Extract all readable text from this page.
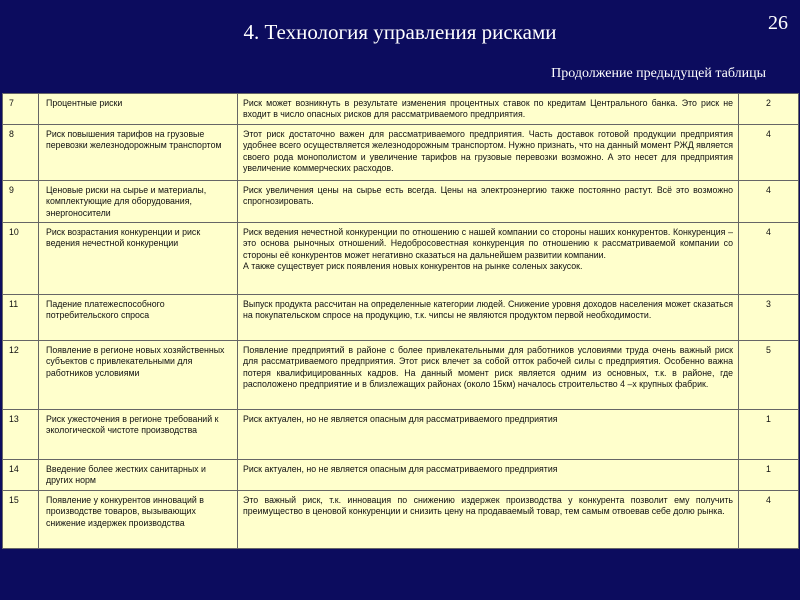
4. Технология управления рисками	26
Продолжение предыдущей таблицы
7	Процентные риски	Риск может возникнуть в результате изменения процентных ставок по кредитам Центрального банка. Это риск не входит в число опасных рисков для рассматриваемого предприятия.	2
8	Риск повышения тарифов на грузовые перевозки железнодорожным транспортом	Этот риск достаточно важен для рассматриваемого предприятия. Часть доставок готовой продукции предприятия удобнее всего осуществляется железнодорожным транспортом. Нужно признать, что на данный момент РЖД является своего рода монополистом и увеличение тарифов на грузовые перевозки возможно. А это несет для предприятия увеличение коммерческих расходов.	4
9	Ценовые риски на сырье и материалы, комплектующие для оборудования, энергоносители	Риск увеличения цены на сырье есть всегда. Цены на электроэнергию также постоянно растут. Всё это возможно спрогнозировать.	4
10	Риск возрастания конкуренции и риск ведения нечестной конкуренции	Риск ведения нечестной конкуренции по отношению с нашей компании со стороны наших конкурентов. Конкуренция – это основа рыночных отношений. Недобросовестная конкуренция по отношению к рассматриваемой компании со стороны её конкурентов может негативно сказаться на дальнейшем развитии компании.
А также существует риск появления новых конкурентов на рынке соленых закусок.	4
11	Падение платежеспособного потребительского спроса	Выпуск продукта рассчитан на определенные категории людей. Снижение уровня доходов населения может сказаться на покупательском спросе на продукцию, т.к. чипсы не являются продуктом первой необходимости.	3
12	Появление в регионе новых хозяйственных субъектов с привлекательными для работников условиями	Появление предприятий в районе с более привлекательными для работников условиями труда очень важный риск для рассматриваемого предприятия. Этот риск влечет за собой отток рабочей силы с предприятия. Особенно важна потеря квалифицированных кадров. На данный момент риск является одним из основных, т.к. в районе, где расположено предприятие и в близлежащих районах (около 15км) началось строительство 4 –х крупных фабрик.	5
13	Риск ужесточения в регионе требований к экологической чистоте производства	Риск актуален, но не является опасным для рассматриваемого предприятия	1
14	Введение более жестких санитарных и других норм	Риск актуален, но не является опасным для рассматриваемого предприятия	1
15	Появление у конкурентов инноваций в производстве товаров, вызывающих снижение издержек производства	Это важный риск, т.к. инновация по снижению издержек производства у конкурента позволит ему получить преимущество в ценовой конкуренции и снизить цену на продаваемый товар, тем самым отвоевав себе долю рынка.	4
